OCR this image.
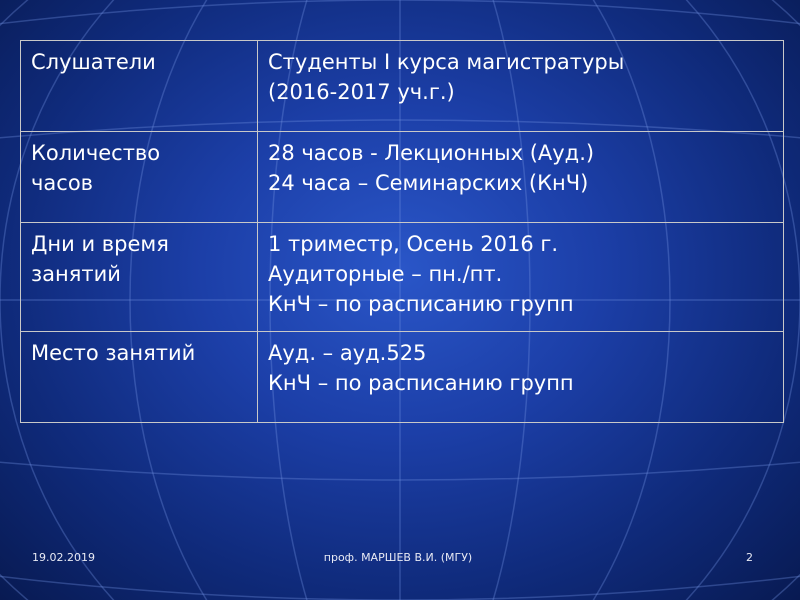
Слушатели	Студенты I курса магистратуры
(2016-2017 уч.г.)

Количество
часов	28 часов - Лекционных (Ауд.)
24 часа – Семинарских (КнЧ)

Дни и время
занятий	1 триместр, Осень 2016 г.
Аудиторные – пн./пт.
КнЧ – по расписанию групп

Место занятий	Ауд. – ауд.525
КнЧ – по расписанию групп
19.02.2019	проф. МАРШЕВ В.И. (МГУ)	2
